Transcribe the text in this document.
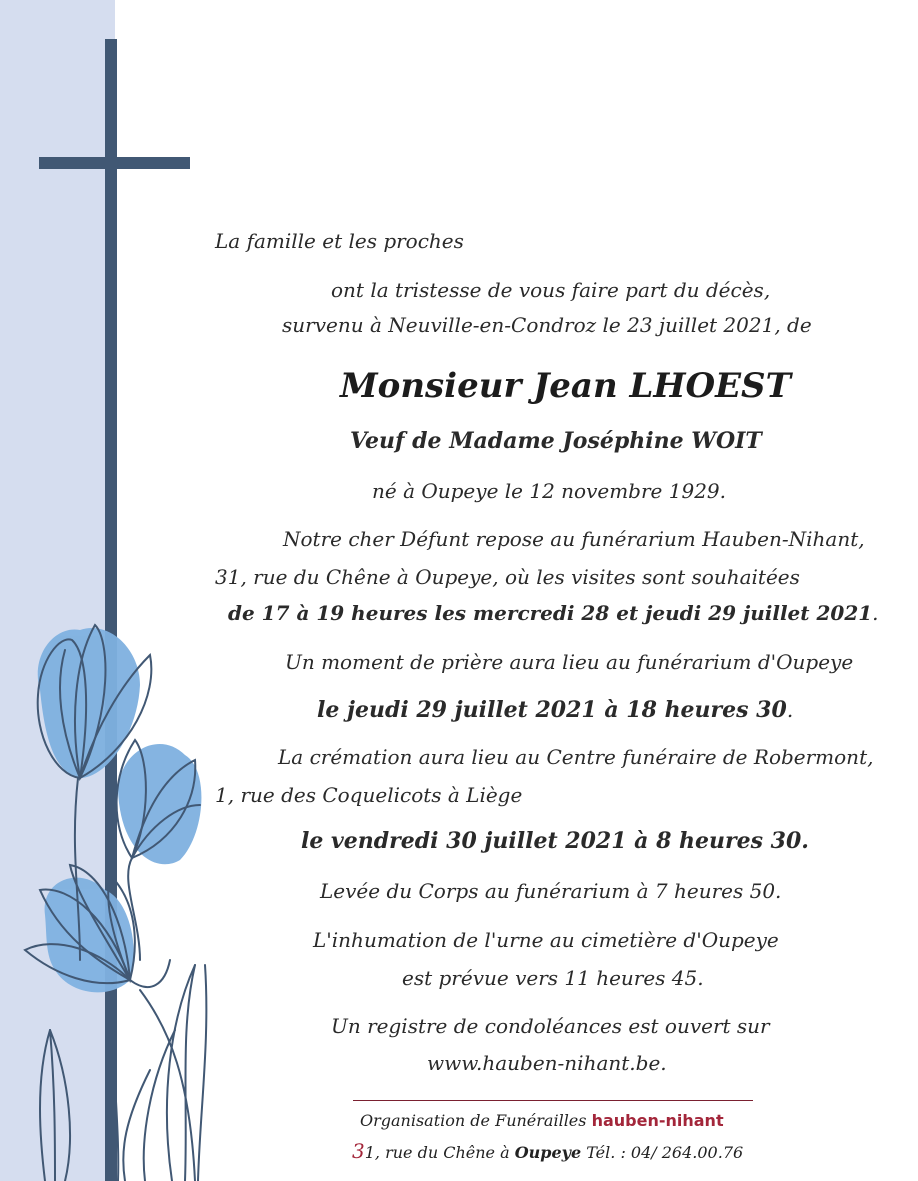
La famille et les proches

ont la tristesse de vous faire part du décès,

survenu à Neuville-en-Condroz le 23 juillet 2021, de

Monsieur Jean LHOEST

Veuf de Madame Joséphine WOIT

né à Oupeye le 12 novembre 1929.

Notre cher Défunt repose au funérarium Hauben-Nihant,

31, rue du Chêne à Oupeye, où les visites sont souhaitées

de 17 à 19 heures les mercredi 28 et jeudi 29 juillet 2021.

Un moment de prière aura lieu au funérarium d'Oupeye

le jeudi 29 juillet 2021 à 18 heures 30.

La crémation aura lieu au Centre funéraire de Robermont,

1, rue des Coquelicots à Liège

le vendredi 30 juillet 2021 à 8 heures 30.

Levée du Corps au funérarium à 7 heures 50.

L'inhumation de l'urne au cimetière d'Oupeye

est prévue vers 11 heures 45.

Un registre de condoléances est ouvert sur

www.hauben-nihant.be.

Organisation de Funérailles hauben-nihant

31, rue du Chêne à Oupeye Tél. : 04/ 264.00.76
